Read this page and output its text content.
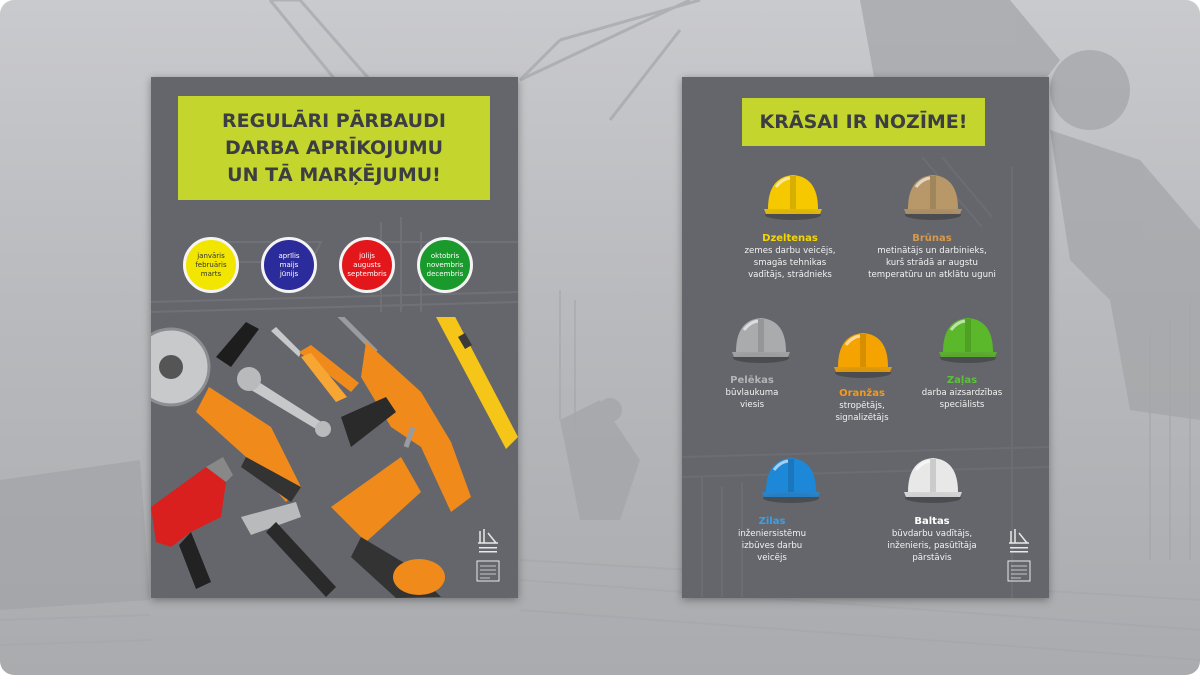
REGULĀRI PĀRBAUDI
DARBA APRĪKOJUMU
UN TĀ MARĶĒJUMU!
janvāris
februāris
marts
aprīlis
maijs
jūnijs
jūlijs
augusts
septembris
oktobris
novembris
decembris
KRĀSAI IR NOZĪME!
Dzeltenas
zemes darbu veicējs,
smagās tehnikas
vadītājs, strādnieks
Brūnas
metinātājs un darbinieks,
kurš strādā ar augstu
temperatūru un atklātu uguni
Pelēkas
būvlaukuma
viesis
Oranžas
stropētājs,
signalizētājs
Zaļas
darba aizsardzības
speciālists
Zilas
inženiersistēmu
izbūves darbu
veicējs
Baltas
būvdarbu vadītājs,
inženieris, pasūtītāja
pārstāvis
